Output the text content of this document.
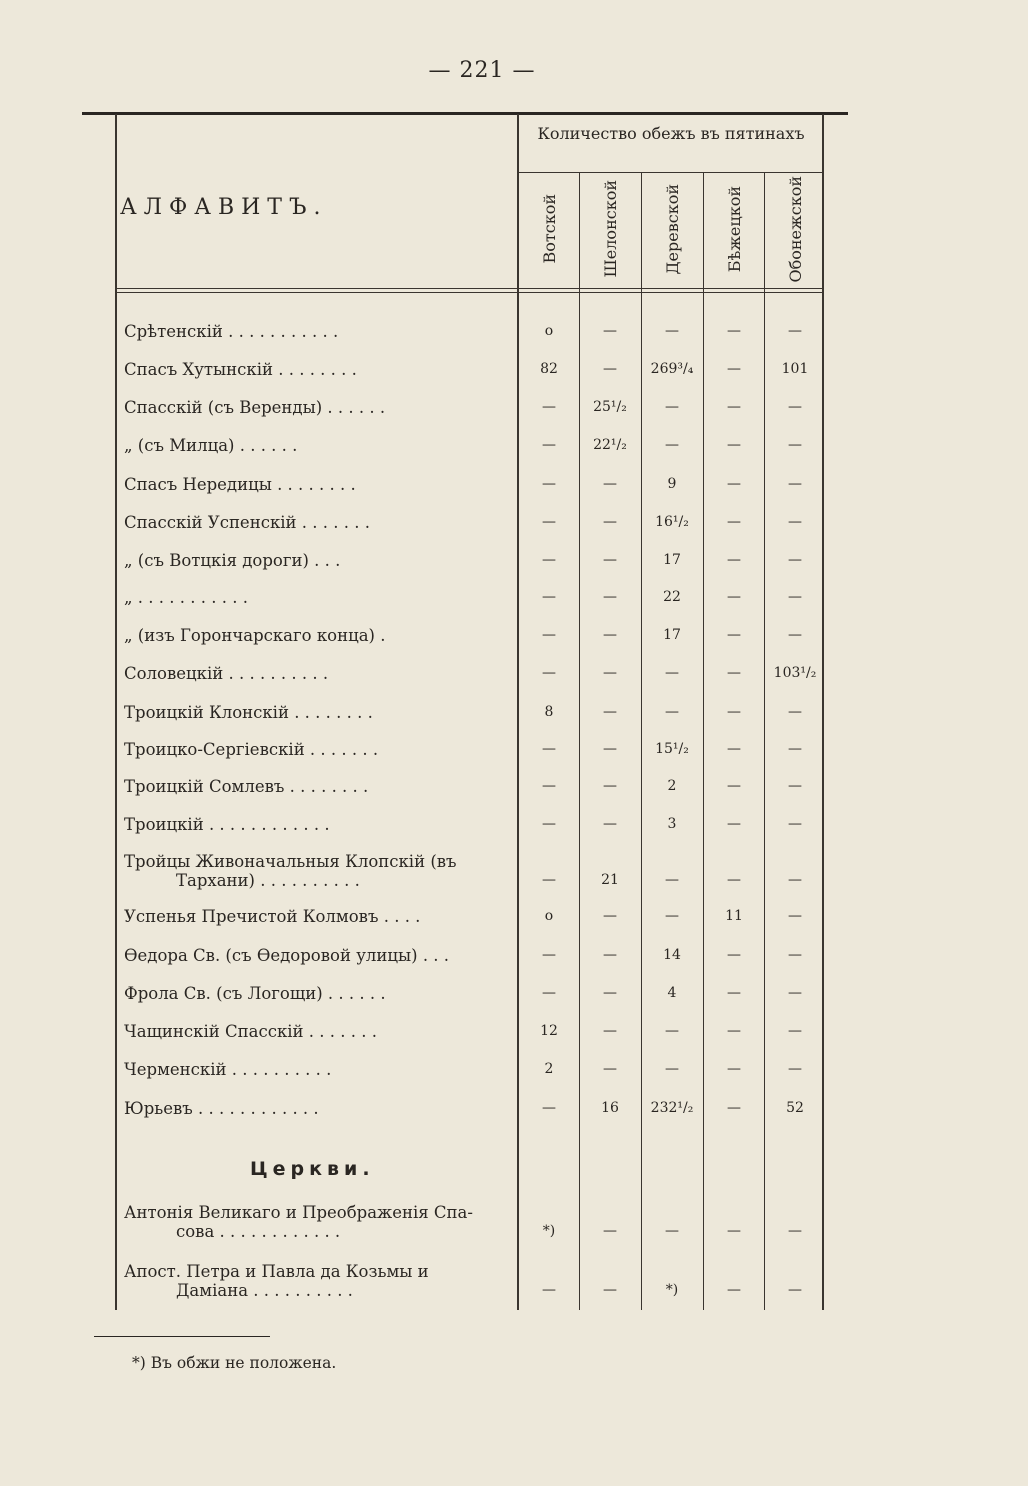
— 221 —
АЛФАВИТЪ.
Количество обежъ въ пятинахъ
Вотской	Шелонской	Деревской	Бѣжецкой	Обонежской
Срѣтенскій . . . . . . . . . . .	о	—	—	—	—
Спасъ Хутынскій . . . . . . . .	82	—	269³/₄	—	101
Спасскій (съ Веренды) . . . . . .	—	25¹/₂	—	—	—
„ (съ Милца) . . . . . .	—	22¹/₂	—	—	—
Спасъ Нередицы . . . . . . . .	—	—	9	—	—
Спасскій Успенскій . . . . . . .	—	—	16¹/₂	—	—
„ (съ Вотцкія дороги) . . .	—	—	17	—	—
„ . . . . . . . . . . .	—	—	22	—	—
„ (изъ Горончарскаго конца) .	—	—	17	—	—
Соловецкій . . . . . . . . . .	—	—	—	—	103¹/₂
Троицкій Клонскій . . . . . . . .	8	—	—	—	—
Троицко-Сергіевскій . . . . . . .	—	—	15¹/₂	—	—
Троицкій Сомлевъ . . . . . . . .	—	—	2	—	—
Троицкій . . . . . . . . . . . .	—	—	3	—	—
Тройцы Живоначальныя Клопскій (въ
Тархани) . . . . . . . . . .	—	21	—	—	—
Успенья Пречистой Колмовъ . . . .	о	—	—	11	—
Өедора Св. (съ Өедоровой улицы) . . .	—	—	14	—	—
Фрола Св. (съ Логощи) . . . . . .	—	—	4	—	—
Чащинскій Спасскій . . . . . . .	12	—	—	—	—
Черменскій . . . . . . . . . .	2	—	—	—	—
Юрьевъ . . . . . . . . . . . .	—	16	232¹/₂	—	52
Церкви.
Антонія Великаго и Преображенія Спа-
сова . . . . . . . . . . . .	*)	—	—	—	—
Апост. Петра и Павла да Козьмы и
Даміана . . . . . . . . . .	—	—	*)	—	—
*) Въ обжи не положена.
